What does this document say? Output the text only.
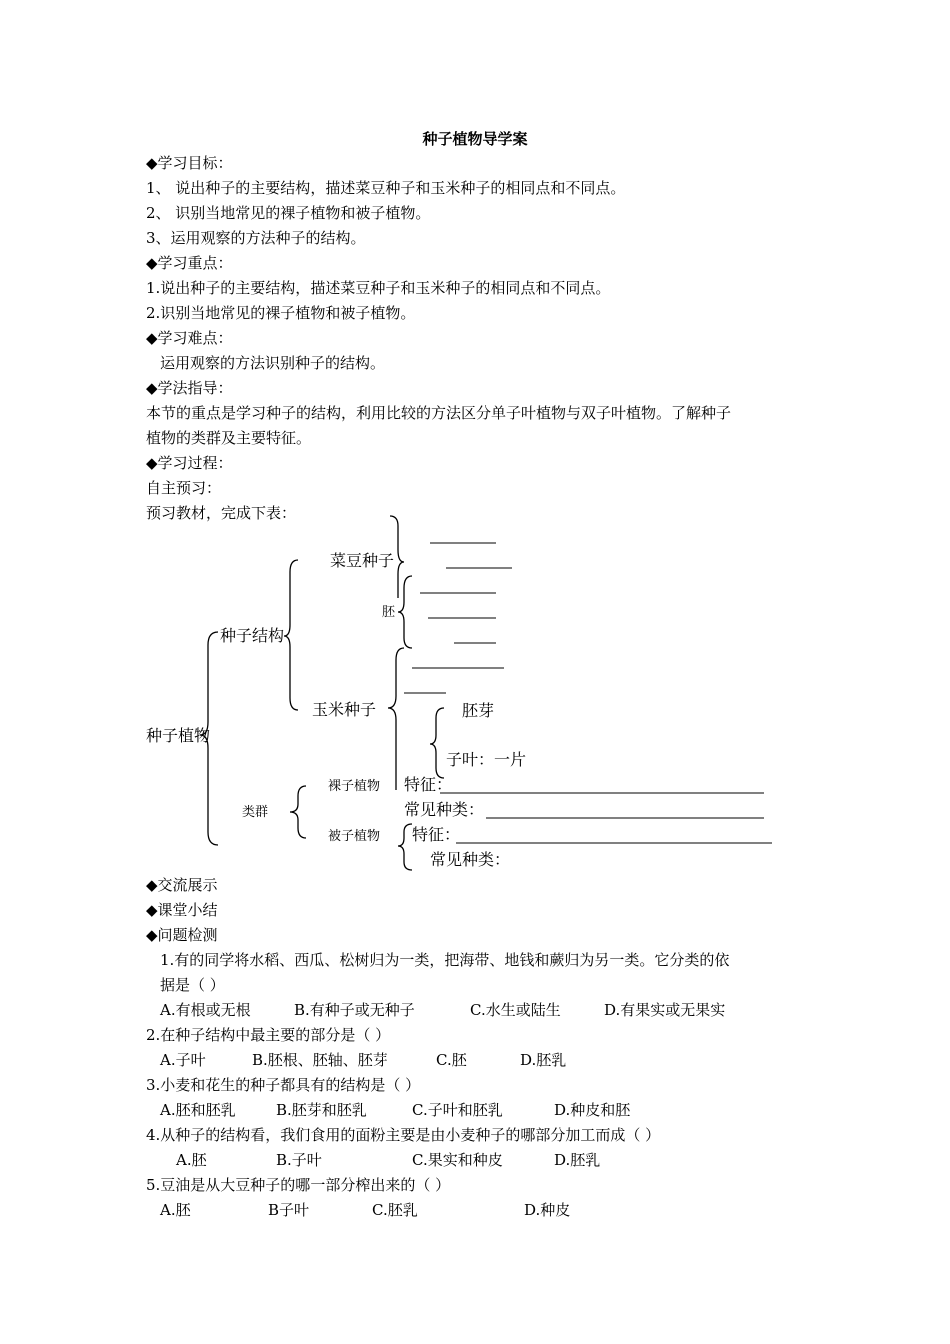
种子植物导学案
◆学习目标：
1、 说出种子的主要结构，描述菜豆种子和玉米种子的相同点和不同点。
2、 识别当地常见的裸子植物和被子植物。
3、运用观察的方法种子的结构。
◆学习重点：
1.说出种子的主要结构，描述菜豆种子和玉米种子的相同点和不同点。
2.识别当地常见的裸子植物和被子植物。
◆学习难点：
运用观察的方法识别种子的结构。
◆学法指导：
本节的重点是学习种子的结构，利用比较的方法区分单子叶植物与双子叶植物。了解种子
植物的类群及主要特征。
◆学习过程：
自主预习：
预习教材，完成下表：
菜豆种子
胚
种子结构
玉米种子	胚芽
种子植物
子叶：一片
裸子植物 特征：
类群	常见种类：
被子植物 特征：
常见种类：
◆交流展示
◆课堂小结
◆问题检测
1.有的同学将水稻、西瓜、松树归为一类，把海带、地钱和蕨归为另一类。它分类的依
据是（ ）
A.有根或无根	B.有种子或无种子	C.水生或陆生	D.有果实或无果实
2.在种子结构中最主要的部分是（ ）
A.子叶	B.胚根、胚轴、胚芽	C.胚	D.胚乳
3.小麦和花生的种子都具有的结构是（ ）
A.胚和胚乳	B.胚芽和胚乳	C.子叶和胚乳	D.种皮和胚
4.从种子的结构看，我们食用的面粉主要是由小麦种子的哪部分加工而成（ ）
A.胚	B.子叶	C.果实和种皮	D.胚乳
5.豆油是从大豆种子的哪一部分榨出来的（ ）
A.胚	B子叶	C.胚乳	D.种皮
